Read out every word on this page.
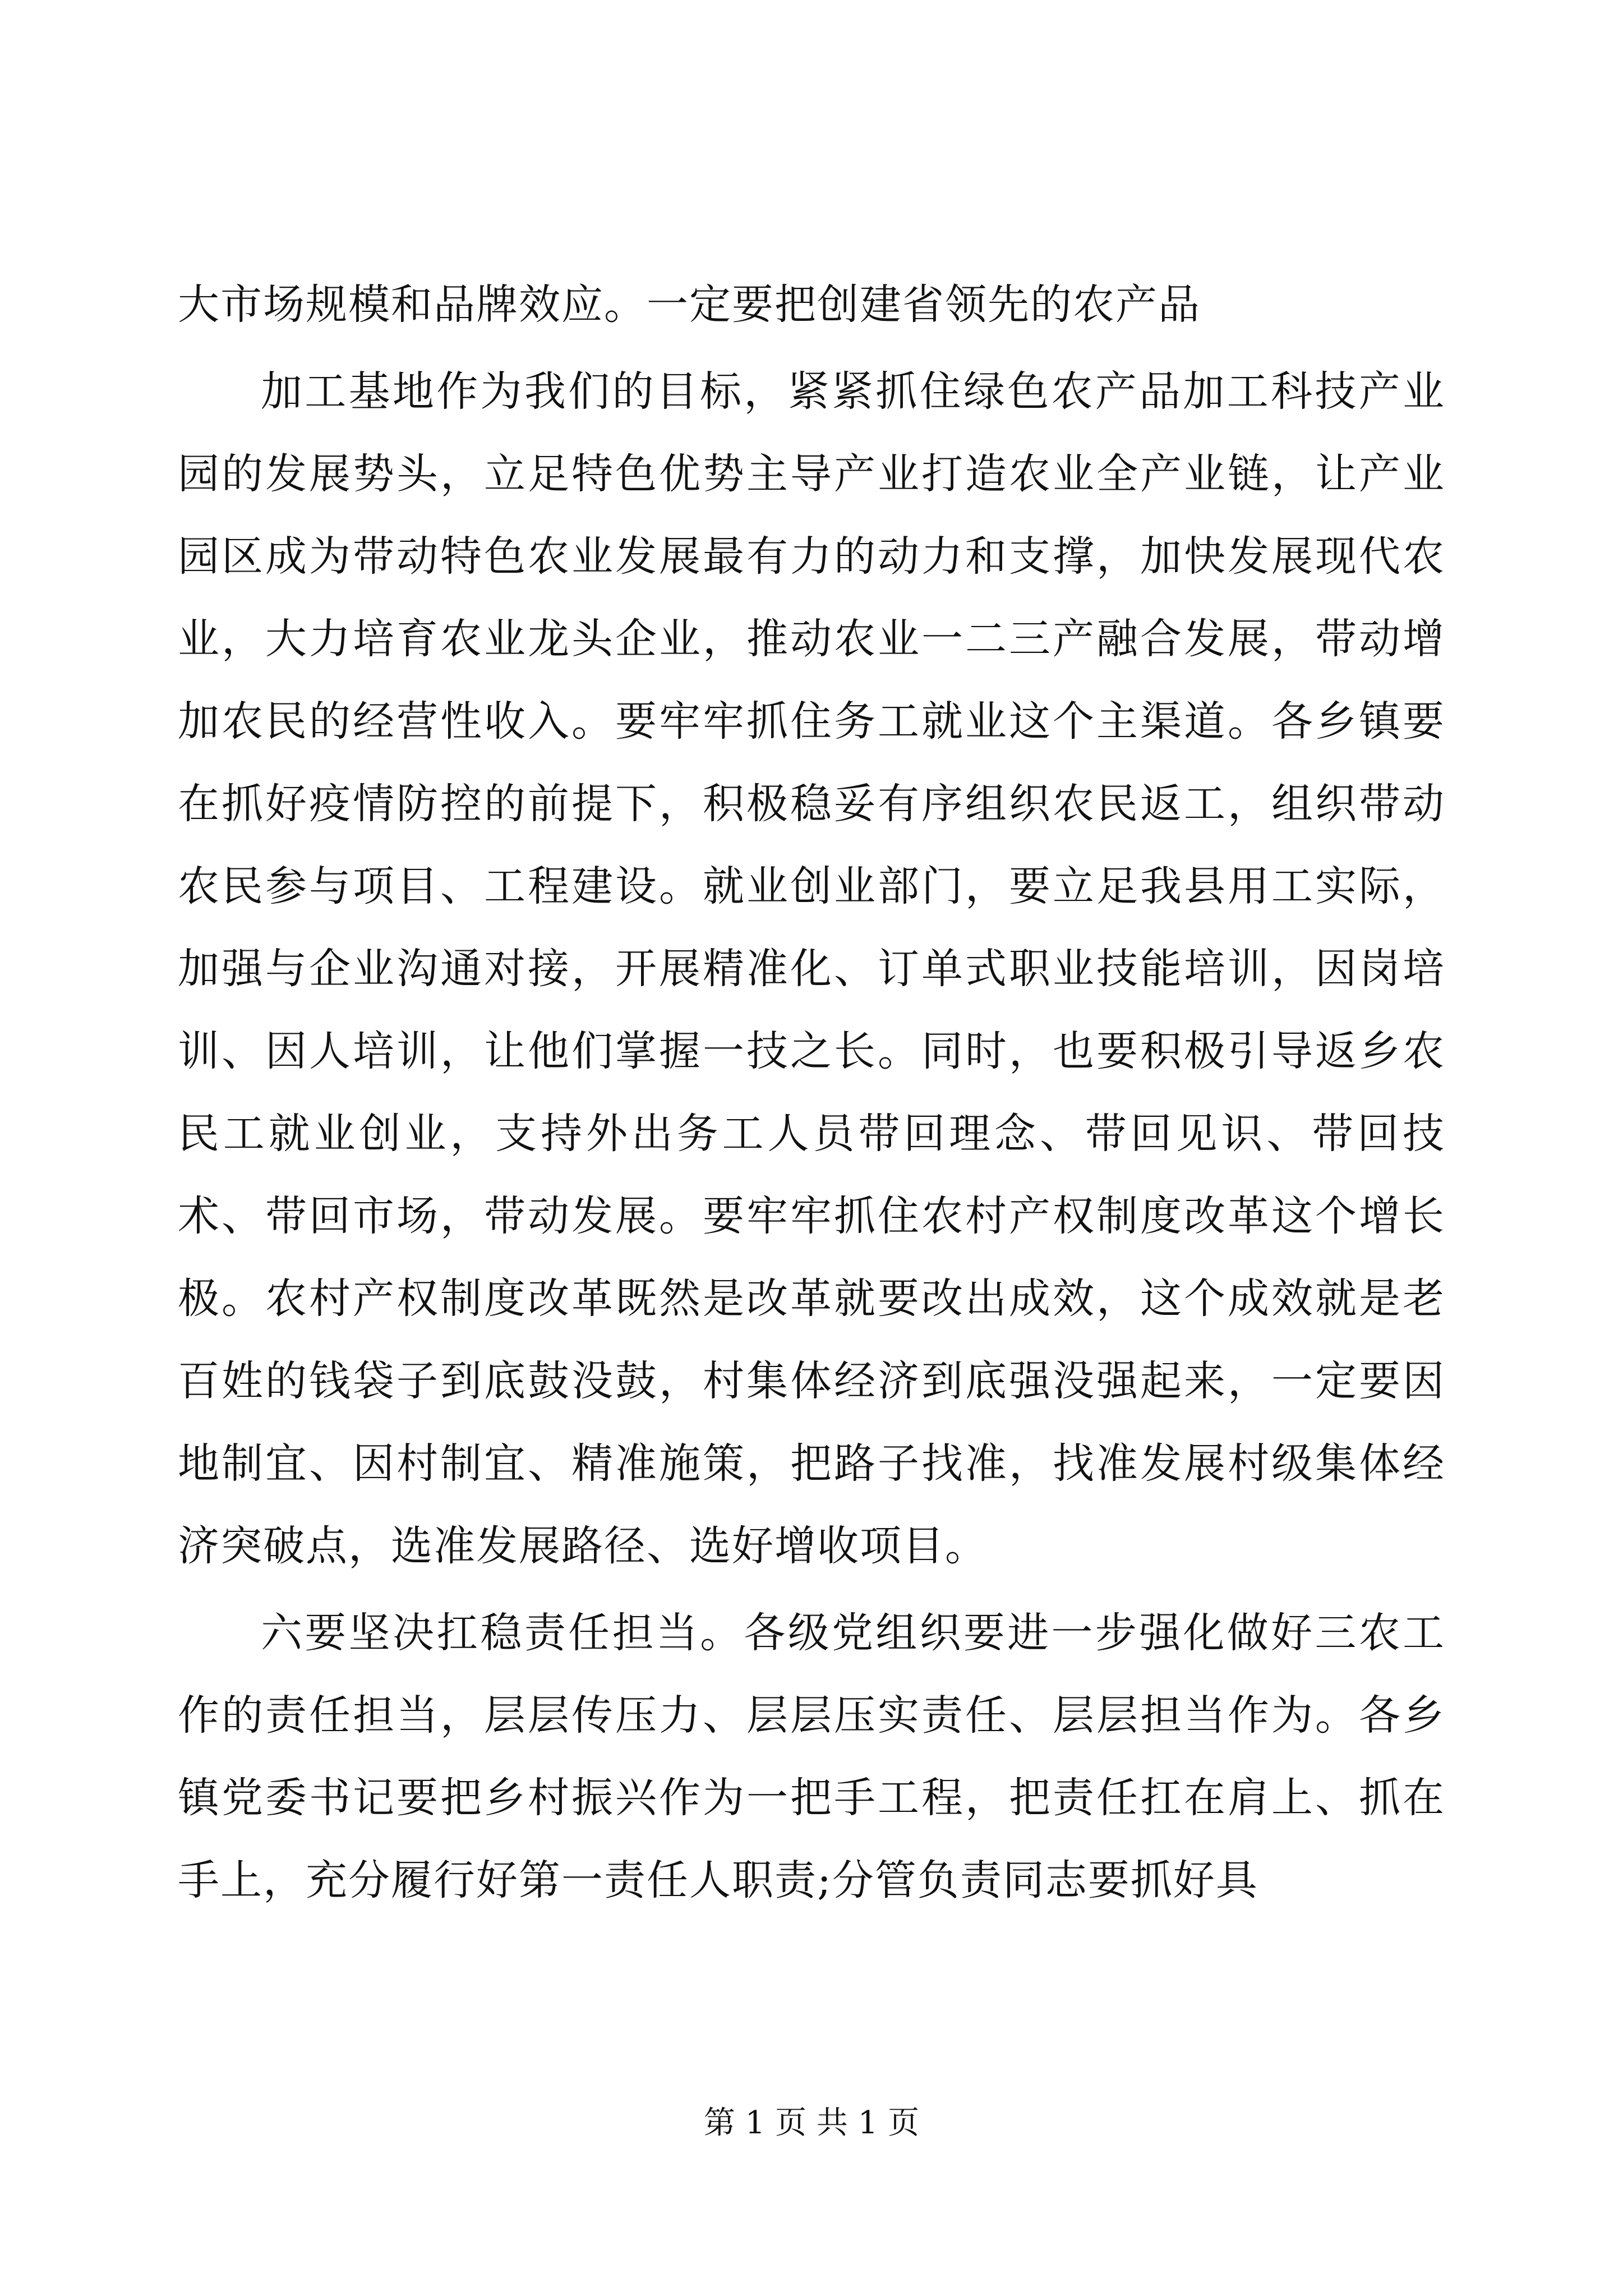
大市场规模和品牌效应。一定要把创建省领先的农产品

加工基地作为我们的目标，紧紧抓住绿色农产品加工科技产业园的发展势头，立足特色优势主导产业打造农业全产业链，让产业园区成为带动特色农业发展最有力的动力和支撑，加快发展现代农业，大力培育农业龙头企业，推动农业一二三产融合发展，带动增加农民的经营性收入。要牢牢抓住务工就业这个主渠道。各乡镇要在抓好疫情防控的前提下，积极稳妥有序组织农民返工，组织带动农民参与项目、工程建设。就业创业部门，要立足我县用工实际，加强与企业沟通对接，开展精准化、订单式职业技能培训，因岗培训、因人培训，让他们掌握一技之长。同时，也要积极引导返乡农民工就业创业，支持外出务工人员带回理念、带回见识、带回技术、带回市场，带动发展。要牢牢抓住农村产权制度改革这个增长极。农村产权制度改革既然是改革就要改出成效，这个成效就是老百姓的钱袋子到底鼓没鼓，村集体经济到底强没强起来，一定要因地制宜、因村制宜、精准施策，把路子找准，找准发展村级集体经济突破点，选准发展路径、选好增收项目。

六要坚决扛稳责任担当。各级党组织要进一步强化做好三农工作的责任担当，层层传压力、层层压实责任、层层担当作为。各乡镇党委书记要把乡村振兴作为一把手工程，把责任扛在肩上、抓在手上，充分履行好第一责任人职责;分管负责同志要抓好具

第 1 页 共 1 页
